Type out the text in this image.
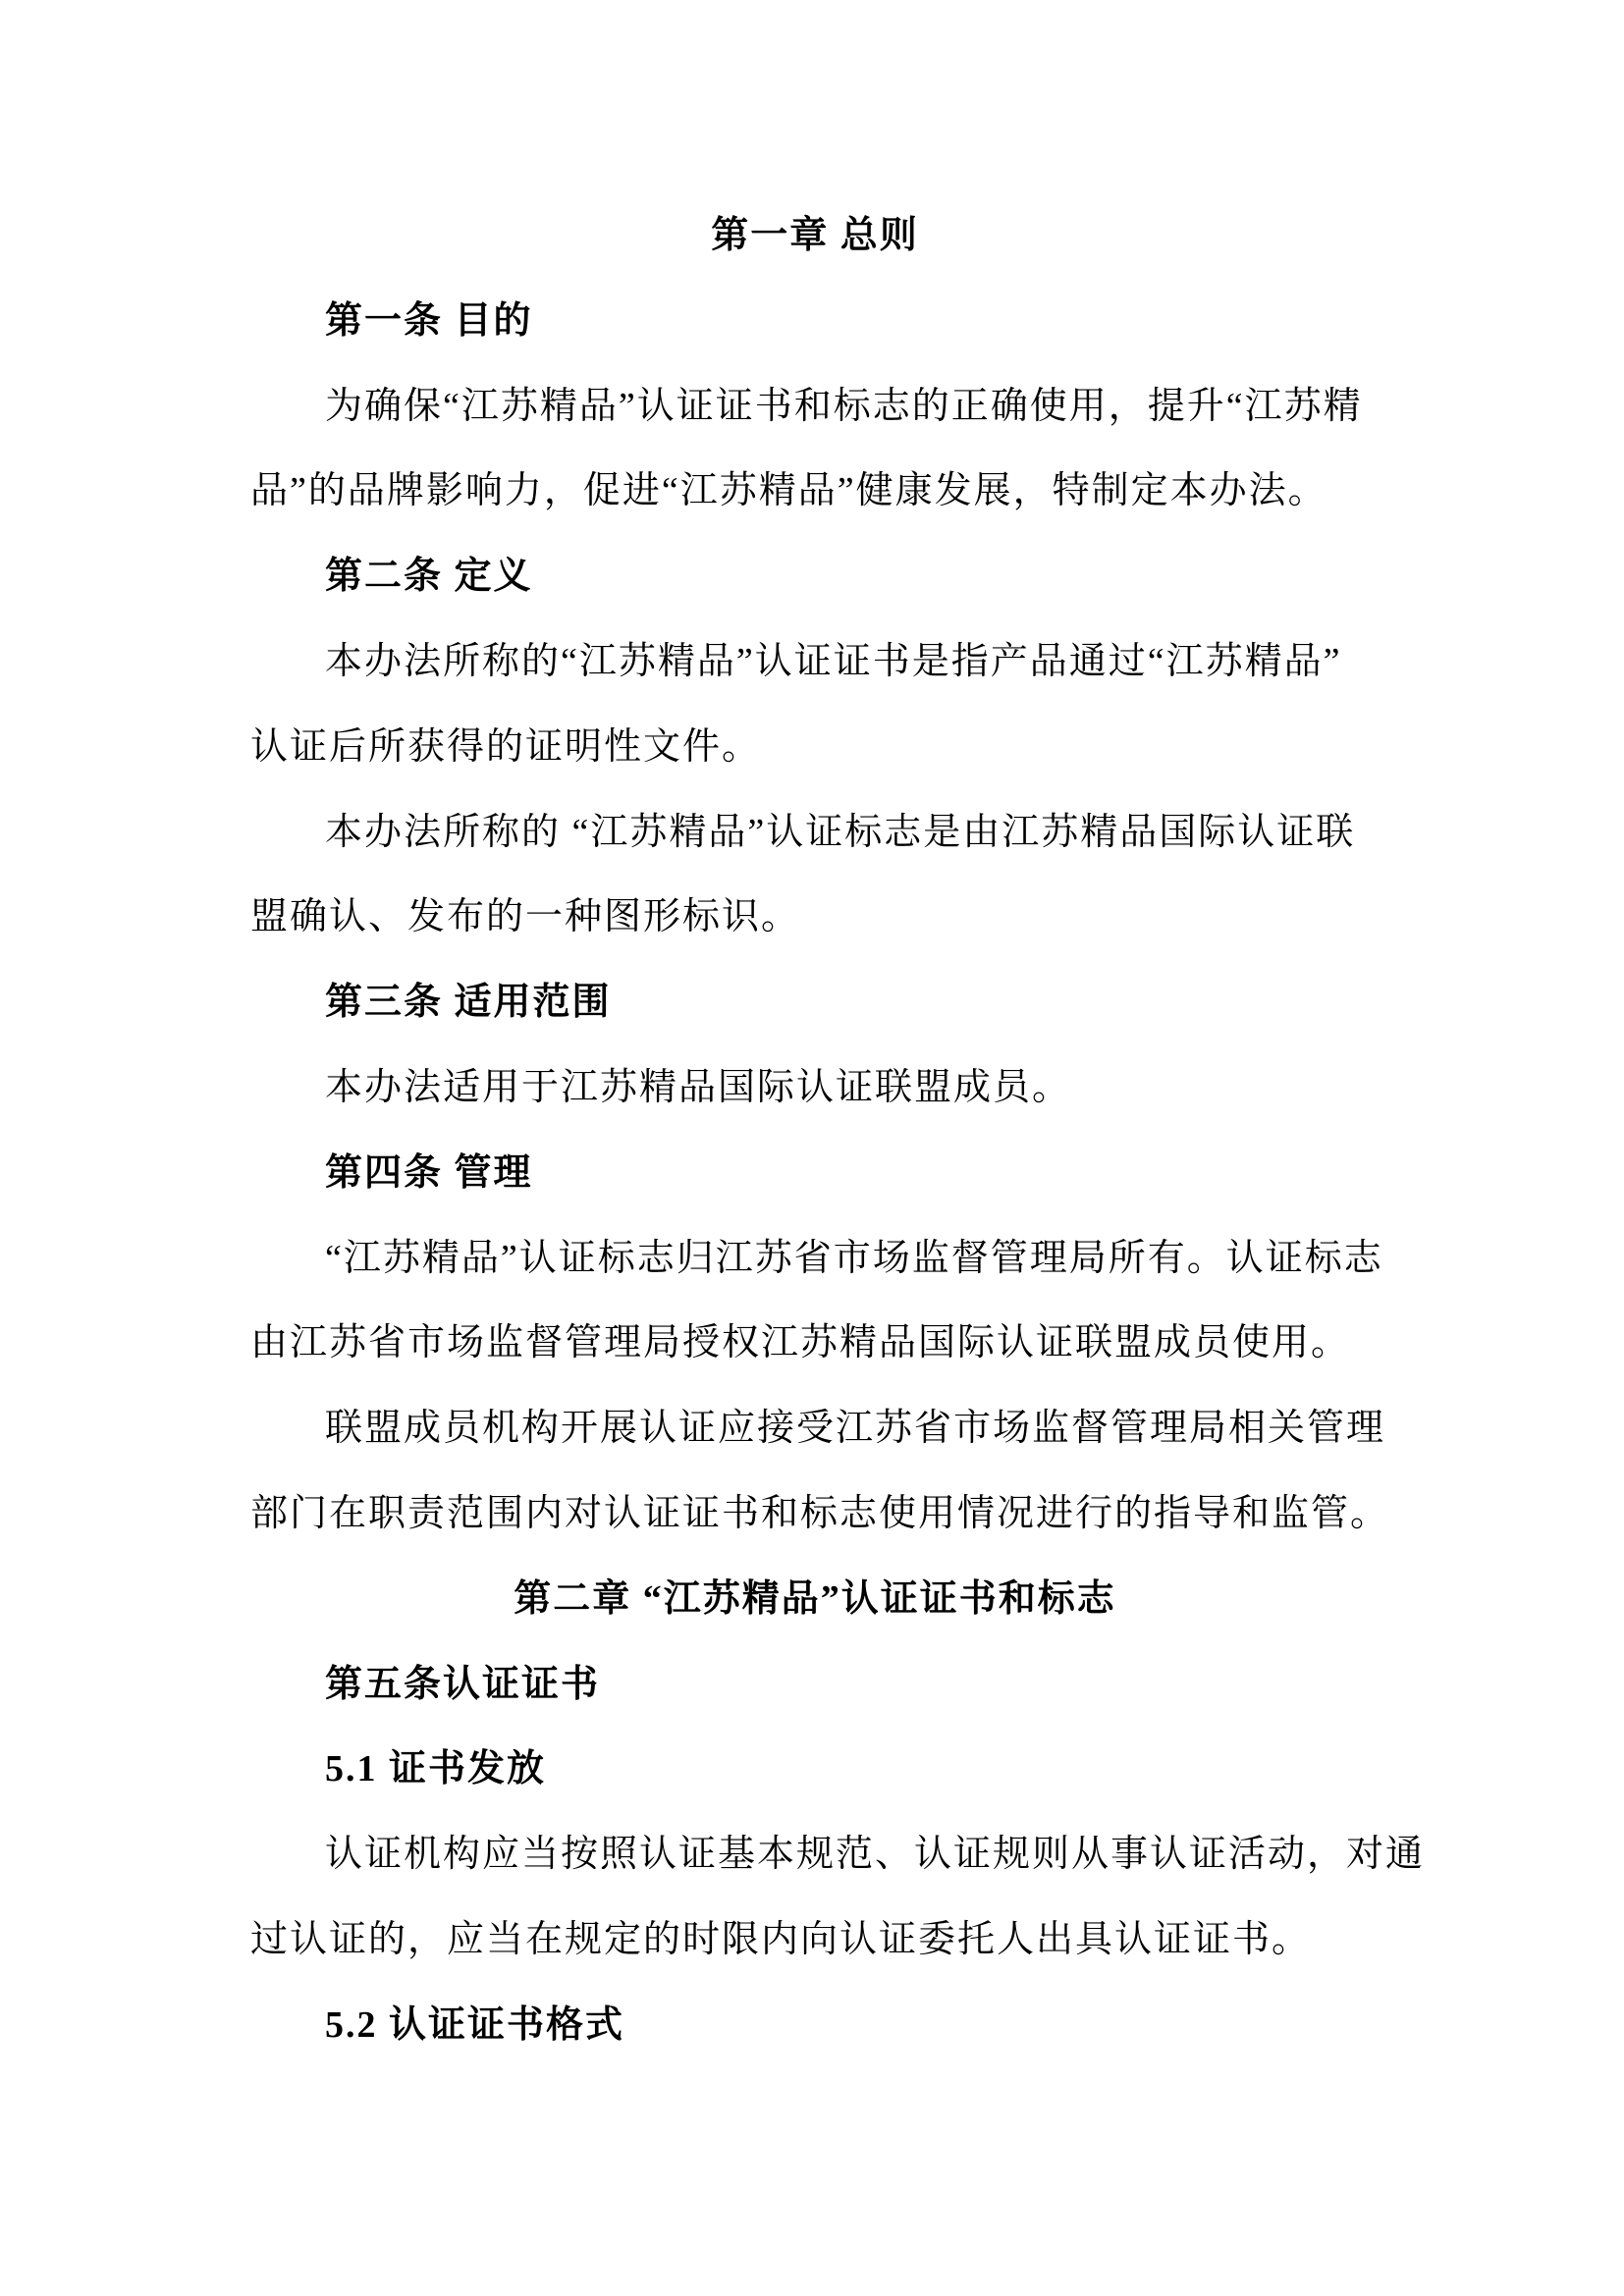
第一章 总则
第一条 目的
为确保“江苏精品”认证证书和标志的正确使用，提升“江苏精
品”的品牌影响力，促进“江苏精品”健康发展，特制定本办法。
第二条 定义
本办法所称的“江苏精品”认证证书是指产品通过“江苏精品”
认证后所获得的证明性文件。
本办法所称的 “江苏精品”认证标志是由江苏精品国际认证联
盟确认、发布的一种图形标识。
第三条 适用范围
本办法适用于江苏精品国际认证联盟成员。
第四条 管理
“江苏精品”认证标志归江苏省市场监督管理局所有。认证标志
由江苏省市场监督管理局授权江苏精品国际认证联盟成员使用。
联盟成员机构开展认证应接受江苏省市场监督管理局相关管理
部门在职责范围内对认证证书和标志使用情况进行的指导和监管。
第二章 “江苏精品”认证证书和标志
第五条认证证书
5.1 证书发放
认证机构应当按照认证基本规范、认证规则从事认证活动，对通
过认证的，应当在规定的时限内向认证委托人出具认证证书。
5.2 认证证书格式
